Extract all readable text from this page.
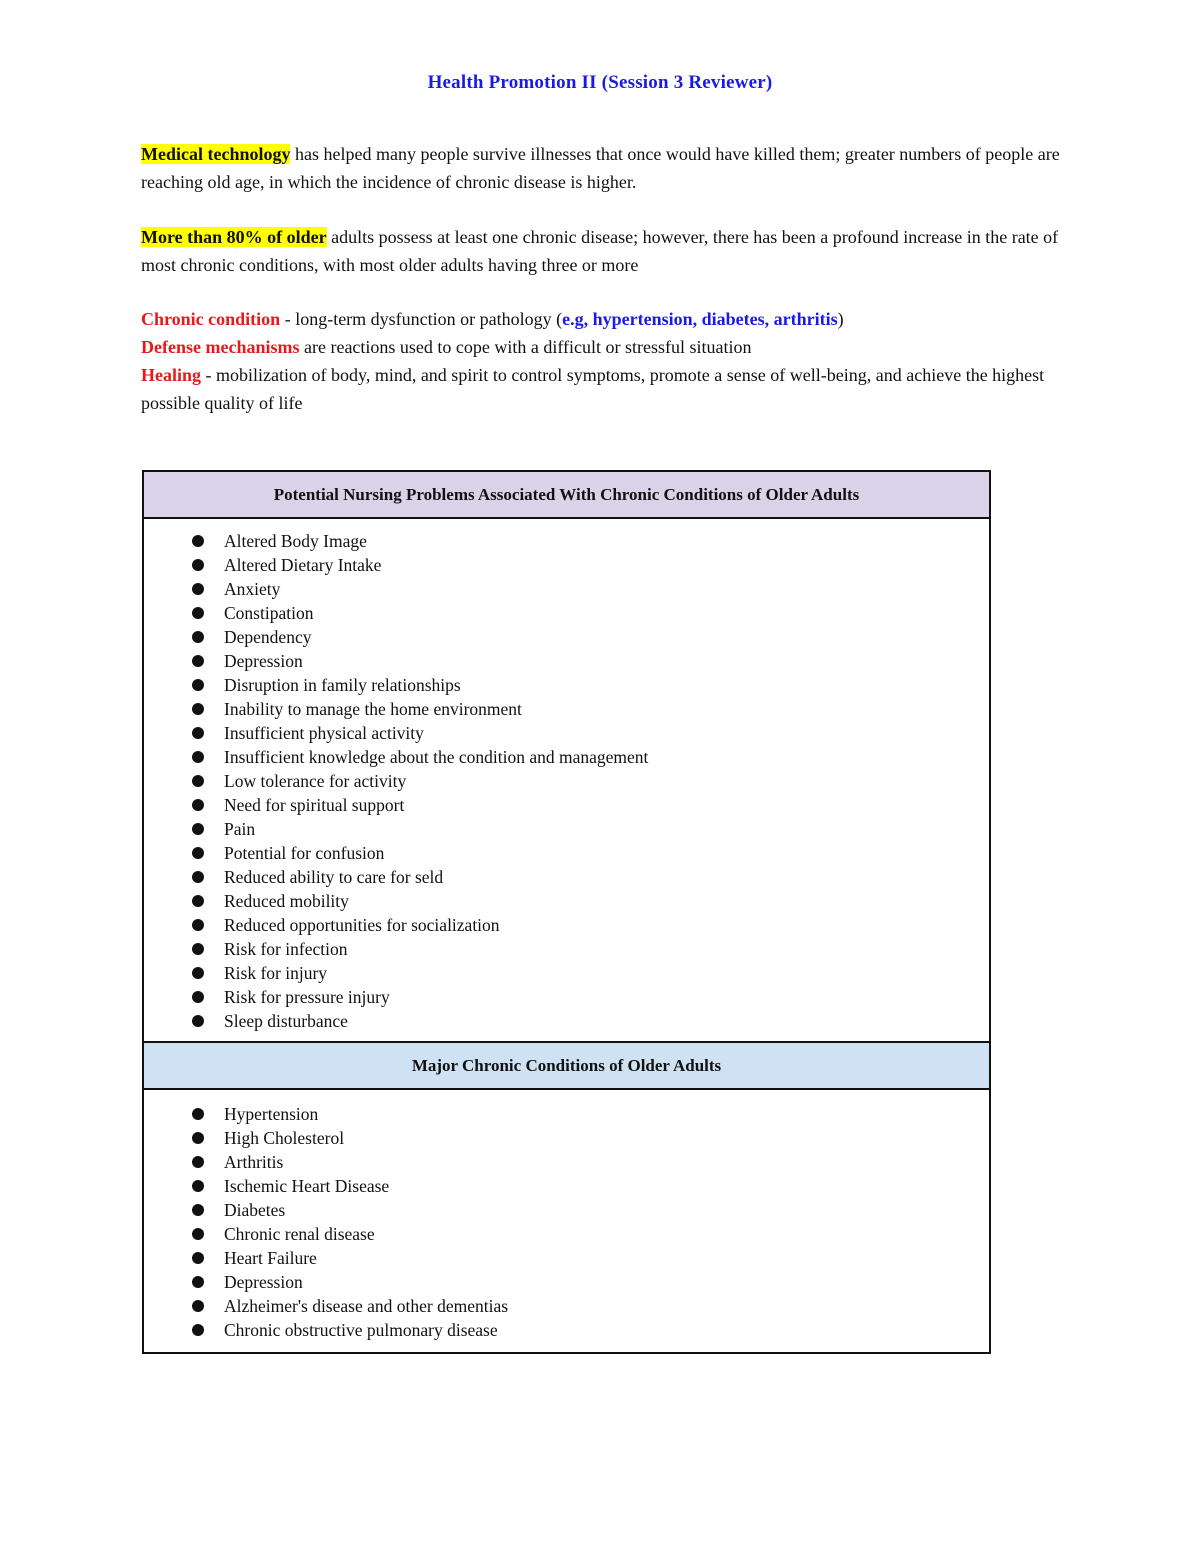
Health Promotion II (Session 3 Reviewer)
Medical technology has helped many people survive illnesses that once would have killed them; greater numbers of people are reaching old age, in which the incidence of chronic disease is higher.
More than 80% of older adults possess at least one chronic disease; however, there has been a profound increase in the rate of most chronic conditions, with most older adults having three or more
Chronic condition - long-term dysfunction or pathology (e.g, hypertension, diabetes, arthritis)
Defense mechanisms are reactions used to cope with a difficult or stressful situation
Healing - mobilization of body, mind, and spirit to control symptoms, promote a sense of well-being, and achieve the highest possible quality of life
Potential Nursing Problems Associated With Chronic Conditions of Older Adults
Altered Body Image
Altered Dietary Intake
Anxiety
Constipation
Dependency
Depression
Disruption in family relationships
Inability to manage the home environment
Insufficient physical activity
Insufficient knowledge about the condition and management
Low tolerance for activity
Need for spiritual support
Pain
Potential for confusion
Reduced ability to care for seld
Reduced mobility
Reduced opportunities for socialization
Risk for infection
Risk for injury
Risk for pressure injury
Sleep disturbance
Major Chronic Conditions of Older Adults
Hypertension
High Cholesterol
Arthritis
Ischemic Heart Disease
Diabetes
Chronic renal disease
Heart Failure
Depression
Alzheimer's disease and other dementias
Chronic obstructive pulmonary disease
